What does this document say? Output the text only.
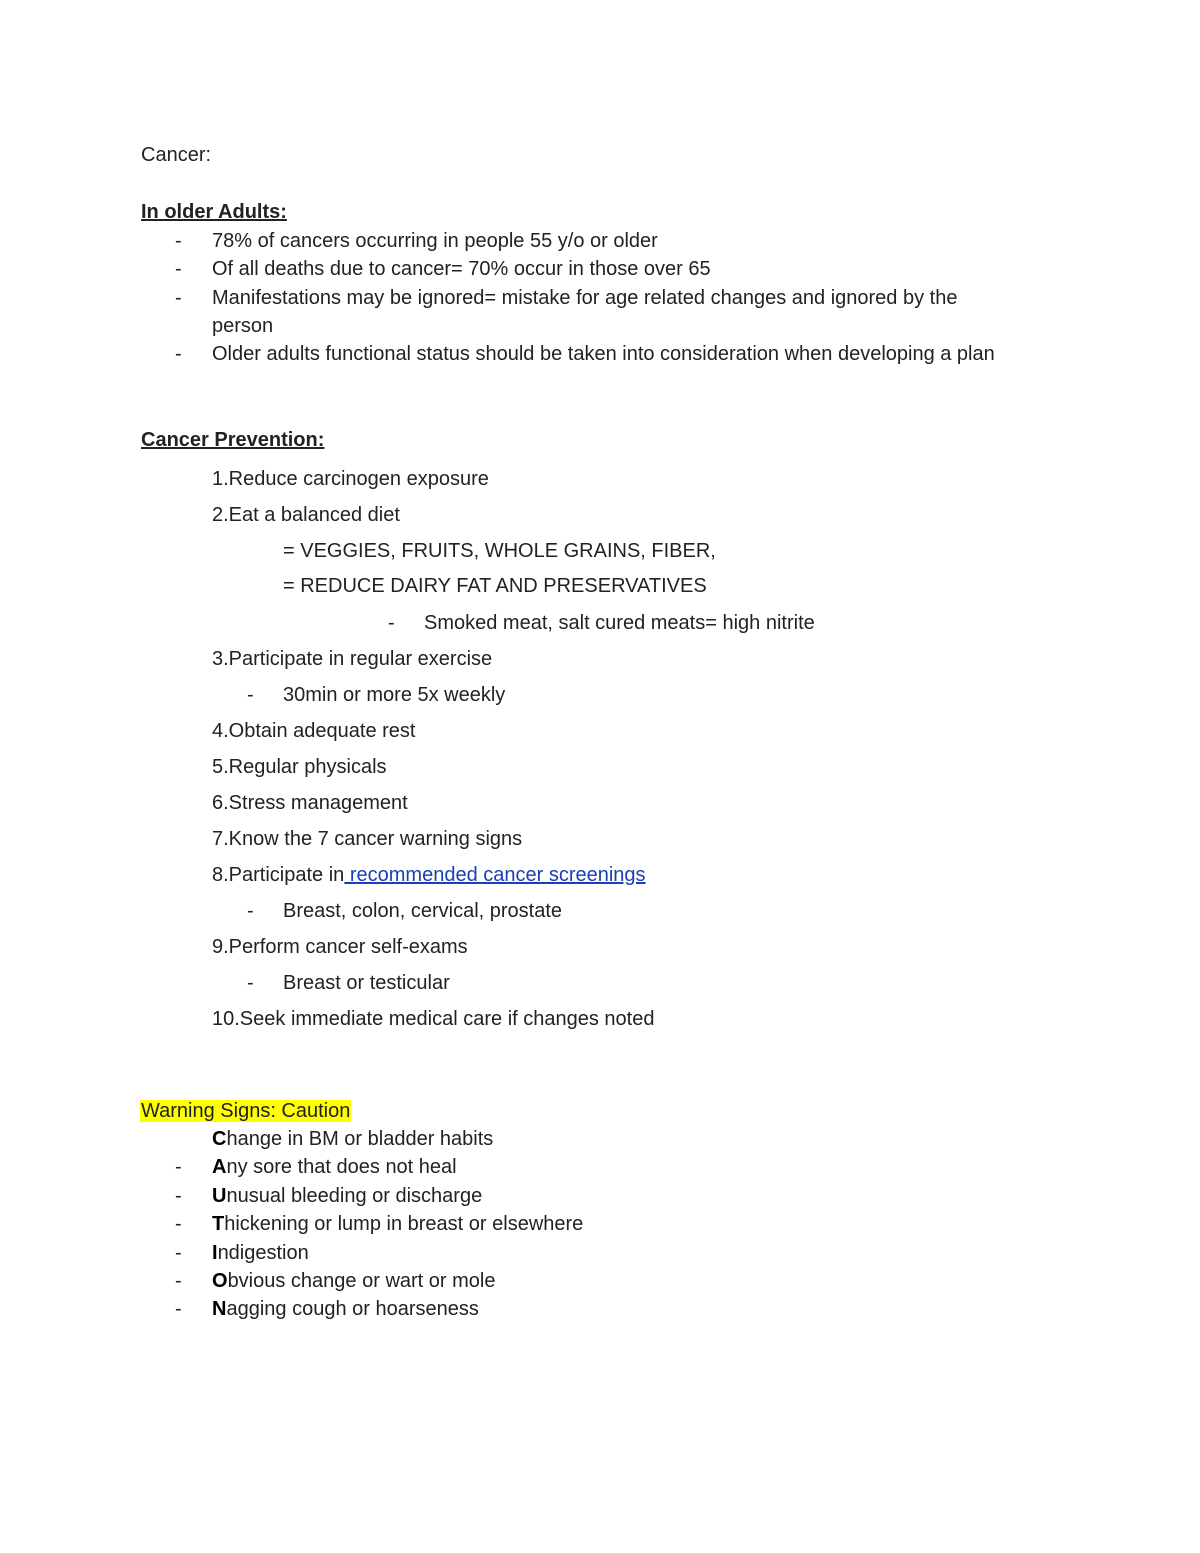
Cancer:
In older Adults:
- 78% of cancers occurring in people 55 y/o or older
- Of all deaths due to cancer= 70% occur in those over 65
- Manifestations may be ignored= mistake for age related changes and ignored by the
person
- Older adults functional status should be taken into consideration when developing a plan
Cancer Prevention:
1.Reduce carcinogen exposure
2.Eat a balanced diet
= VEGGIES, FRUITS, WHOLE GRAINS, FIBER,
= REDUCE DAIRY FAT AND PRESERVATIVES
- Smoked meat, salt cured meats= high nitrite
3.Participate in regular exercise
- 30min or more 5x weekly
4.Obtain adequate rest
5.Regular physicals
6.Stress management
7.Know the 7 cancer warning signs
8.Participate in recommended cancer screenings
- Breast, colon, cervical, prostate
9.Perform cancer self-exams
- Breast or testicular
10.Seek immediate medical care if changes noted
Warning Signs: Caution
Change in BM or bladder habits
- Any sore that does not heal
- Unusual bleeding or discharge
- Thickening or lump in breast or elsewhere
- Indigestion
- Obvious change or wart or mole
- Nagging cough or hoarseness
